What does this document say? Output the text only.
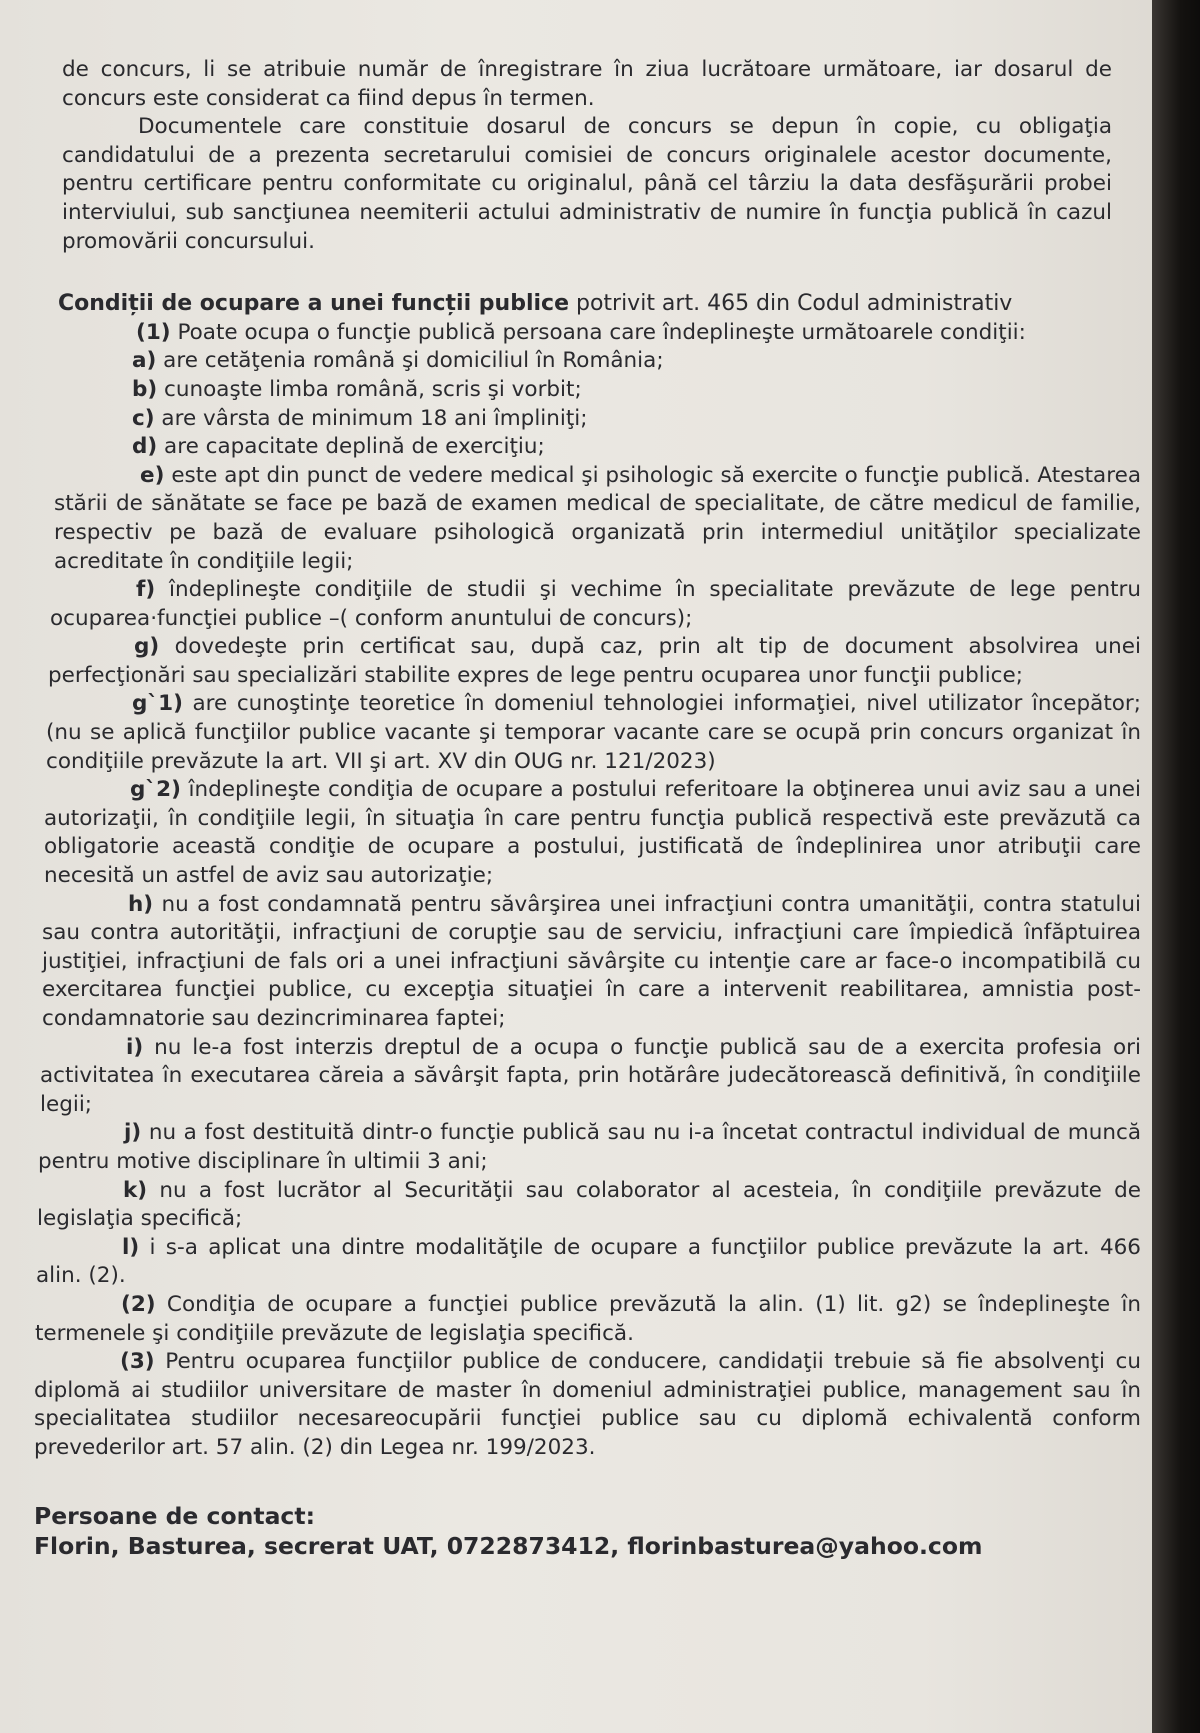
de concurs, li se atribuie număr de înregistrare în ziua lucrătoare următoare, iar dosarul de concurs este considerat ca fiind depus în termen.

Documentele care constituie dosarul de concurs se depun în copie, cu obligaţia candidatului de a prezenta secretarului comisiei de concurs originalele acestor documente, pentru certificare pentru conformitate cu originalul, până cel târziu la data desfăşurării probei interviului, sub sancţiunea neemiterii actului administrativ de numire în funcţia publică în cazul promovării concursului.

Condiții de ocupare a unei funcții publice potrivit art. 465 din Codul administrativ

(1) Poate ocupa o funcţie publică persoana care îndeplineşte următoarele condiţii:

a) are cetăţenia română şi domiciliul în România;

b) cunoaşte limba română, scris şi vorbit;

c) are vârsta de minimum 18 ani împliniţi;

d) are capacitate deplină de exerciţiu;

e) este apt din punct de vedere medical şi psihologic să exercite o funcţie publică. Atestarea stării de sănătate se face pe bază de examen medical de specialitate, de către medicul de familie, respectiv pe bază de evaluare psihologică organizată prin intermediul unităţilor specializate acreditate în condiţiile legii;

f) îndeplineşte condiţiile de studii şi vechime în specialitate prevăzute de lege pentru ocuparea·funcţiei publice –( conform anuntului de concurs);

g) dovedeşte prin certificat sau, după caz, prin alt tip de document absolvirea unei perfecţionări sau specializări stabilite expres de lege pentru ocuparea unor funcţii publice;

g`1) are cunoştinţe teoretice în domeniul tehnologiei informaţiei, nivel utilizator începător; (nu se aplică funcţiilor publice vacante şi temporar vacante care se ocupă prin concurs organizat în condiţiile prevăzute la art. VII şi art. XV din OUG nr. 121/2023)

g`2) îndeplineşte condiţia de ocupare a postului referitoare la obţinerea unui aviz sau a unei autorizaţii, în condiţiile legii, în situaţia în care pentru funcţia publică respectivă este prevăzută ca obligatorie această condiţie de ocupare a postului, justificată de îndeplinirea unor atribuţii care necesită un astfel de aviz sau autorizaţie;

h) nu a fost condamnată pentru săvârşirea unei infracţiuni contra umanităţii, contra statului sau contra autorităţii, infracţiuni de corupţie sau de serviciu, infracţiuni care împiedică înfăptuirea justiţiei, infracţiuni de fals ori a unei infracţiuni săvârşite cu intenţie care ar face-o incompatibilă cu exercitarea funcţiei publice, cu excepţia situaţiei în care a intervenit reabilitarea, amnistia post-condamnatorie sau dezincriminarea faptei;

i) nu le-a fost interzis dreptul de a ocupa o funcţie publică sau de a exercita profesia ori activitatea în executarea căreia a săvârşit fapta, prin hotărâre judecătorească definitivă, în condiţiile legii;

j) nu a fost destituită dintr-o funcţie publică sau nu i-a încetat contractul individual de muncă pentru motive disciplinare în ultimii 3 ani;

k) nu a fost lucrător al Securităţii sau colaborator al acesteia, în condiţiile prevăzute de legislaţia specifică;

l) i s-a aplicat una dintre modalităţile de ocupare a funcţiilor publice prevăzute la art. 466 alin. (2).

(2) Condiţia de ocupare a funcţiei publice prevăzută la alin. (1) lit. g2) se îndeplineşte în termenele şi condiţiile prevăzute de legislaţia specifică.

(3) Pentru ocuparea funcţiilor publice de conducere, candidaţii trebuie să fie absolvenţi cu diplomă ai studiilor universitare de master în domeniul administraţiei publice, management sau în specialitatea studiilor necesareocupării funcţiei publice sau cu diplomă echivalentă conform prevederilor art. 57 alin. (2) din Legea nr. 199/2023.

Persoane de contact:

Florin, Basturea, secrerat UAT, 0722873412, florinbasturea@yahoo.com
